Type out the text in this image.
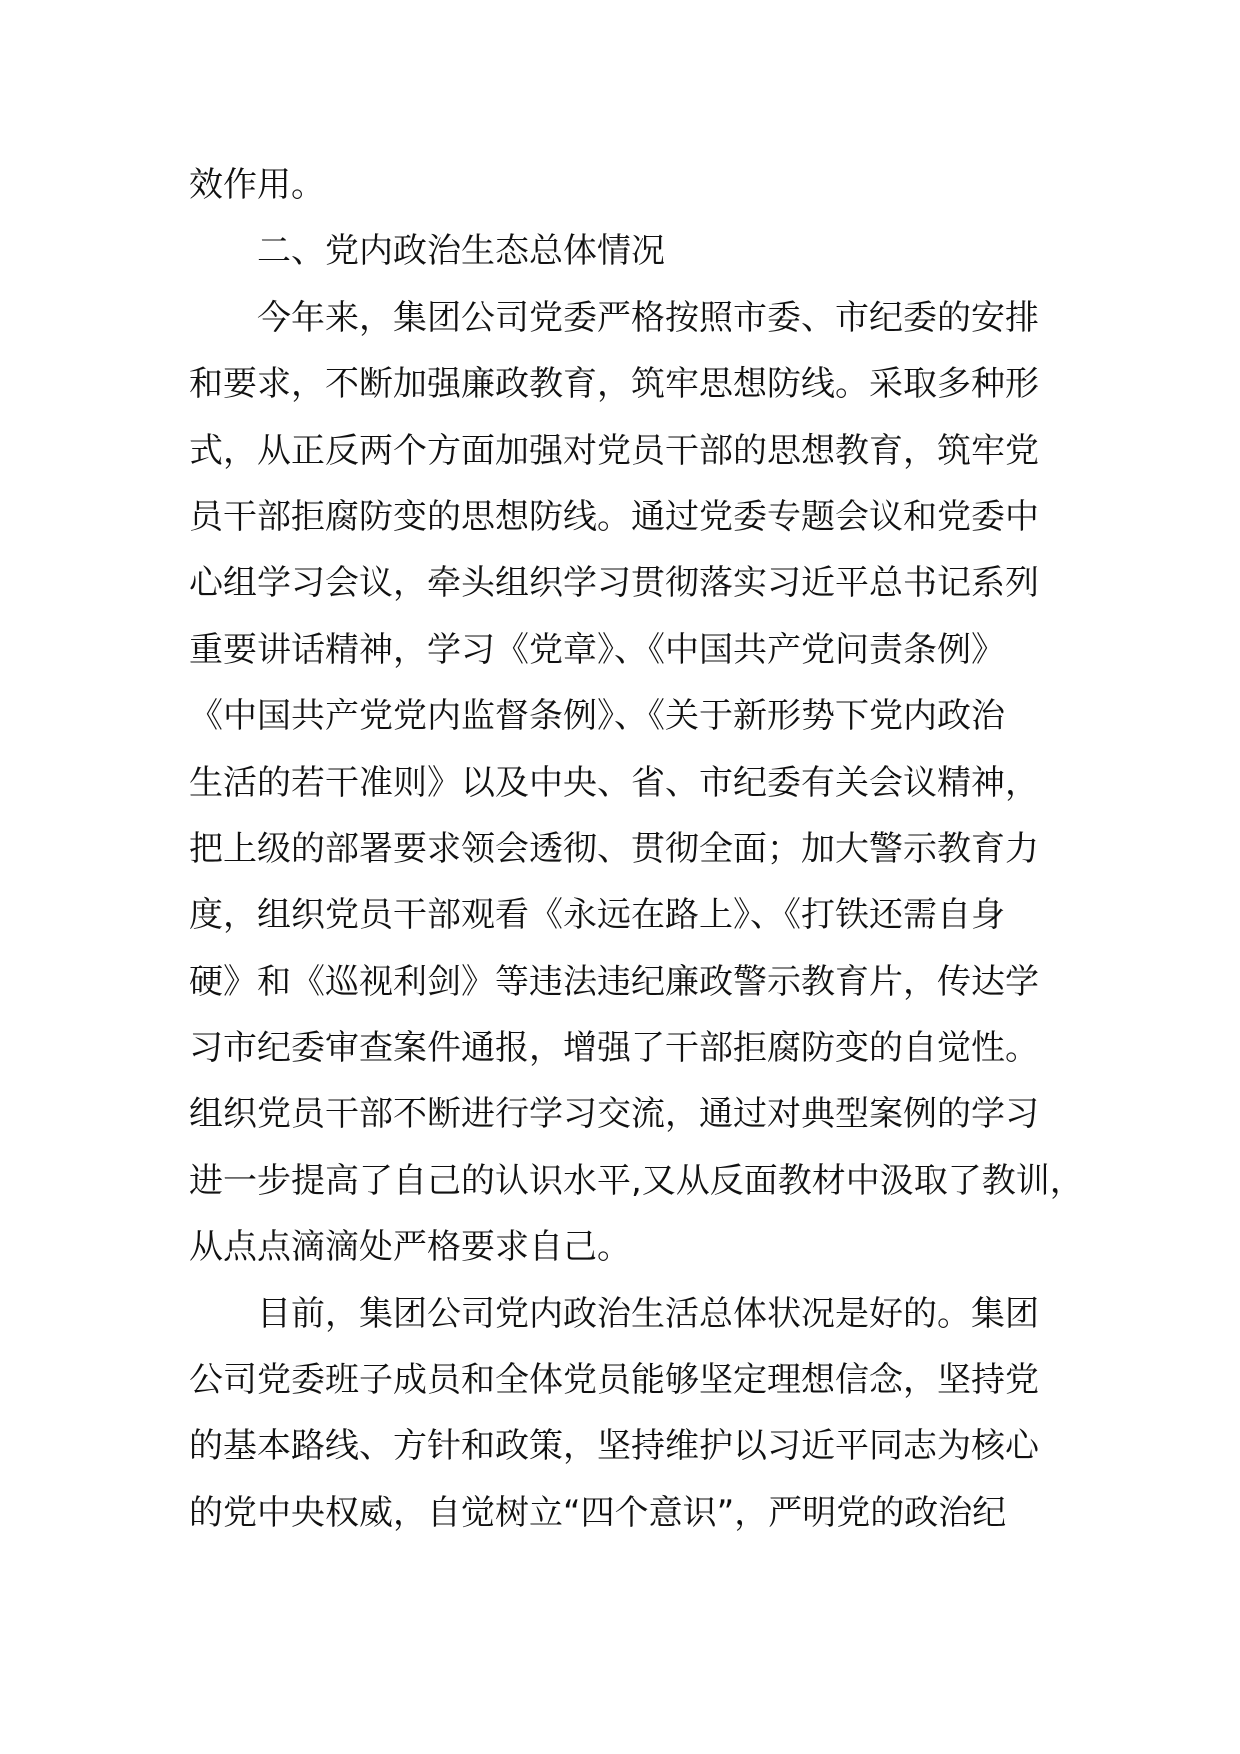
效作用。
二、党内政治生态总体情况
今年来，集团公司党委严格按照市委、市纪委的安排
和要求，不断加强廉政教育，筑牢思想防线。采取多种形
式，从正反两个方面加强对党员干部的思想教育，筑牢党
员干部拒腐防变的思想防线。通过党委专题会议和党委中
心组学习会议，牵头组织学习贯彻落实习近平总书记系列
重要讲话精神，学习《党章》、《中国共产党问责条例》
《中国共产党党内监督条例》、《关于新形势下党内政治
生活的若干准则》以及中央、省、市纪委有关会议精神，
把上级的部署要求领会透彻、贯彻全面；加大警示教育力
度，组织党员干部观看《永远在路上》、《打铁还需自身
硬》和《巡视利剑》等违法违纪廉政警示教育片，传达学
习市纪委审查案件通报，增强了干部拒腐防变的自觉性。
组织党员干部不断进行学习交流，通过对典型案例的学习
进一步提高了自己的认识水平,又从反面教材中汲取了教训，
从点点滴滴处严格要求自己。
目前，集团公司党内政治生活总体状况是好的。集团
公司党委班子成员和全体党员能够坚定理想信念，坚持党
的基本路线、方针和政策，坚持维护以习近平同志为核心
的党中央权威，自觉树立“四个意识”，严明党的政治纪
